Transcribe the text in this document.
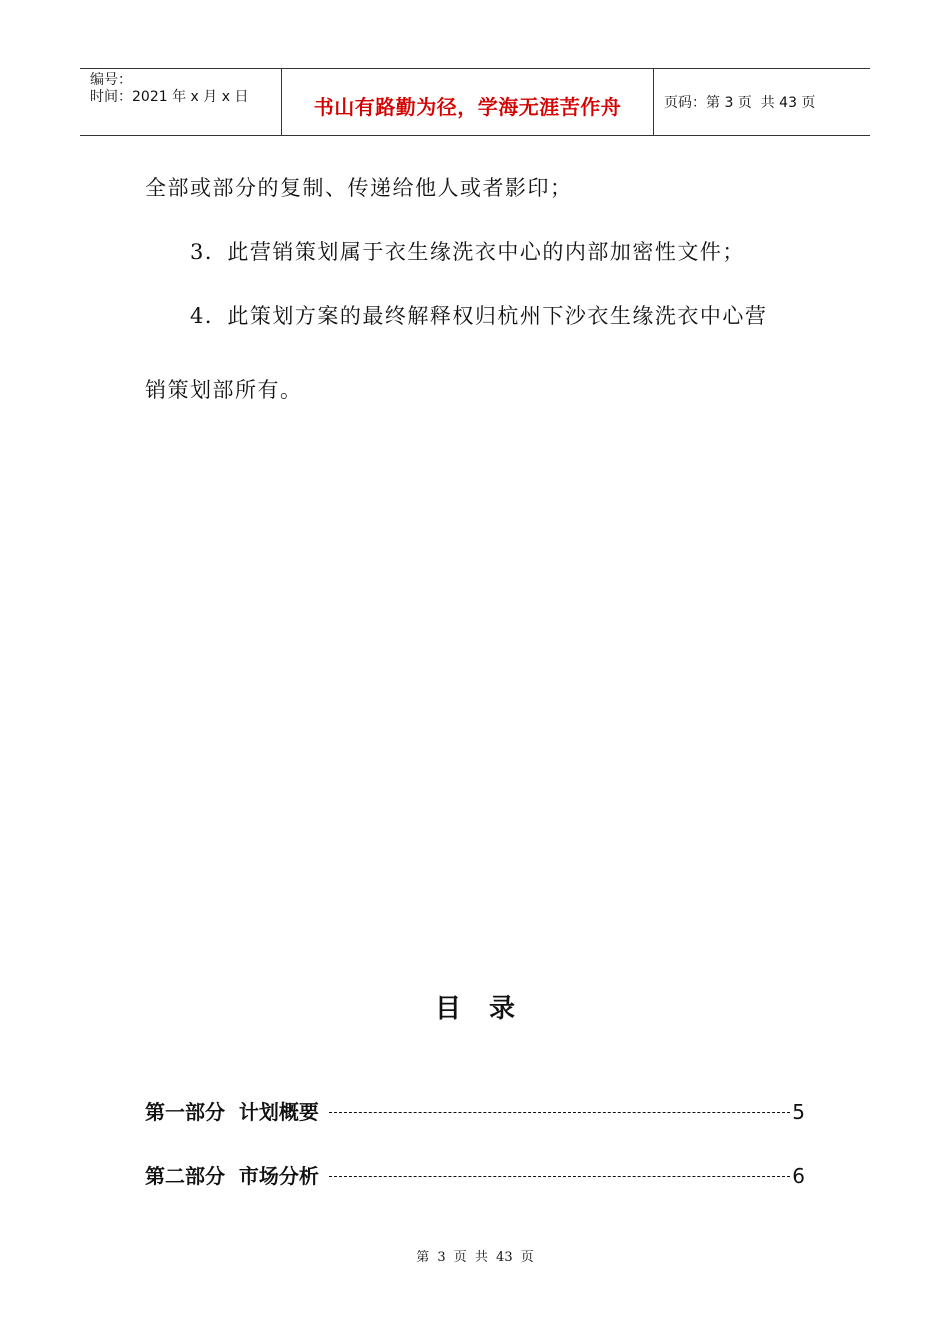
编号：
时间：2021 年 x 月 x 日	书山有路勤为径，学海无涯苦作舟	页码：第 3 页  共 43 页
全部或部分的复制、传递给他人或者影印；
3．此营销策划属于衣生缘洗衣中心的内部加密性文件；
4．此策划方案的最终解释权归杭州下沙衣生缘洗衣中心营
销策划部所有。
目录
第一部分  计划概要	5
第二部分  市场分析	6
第 3 页 共 43 页
